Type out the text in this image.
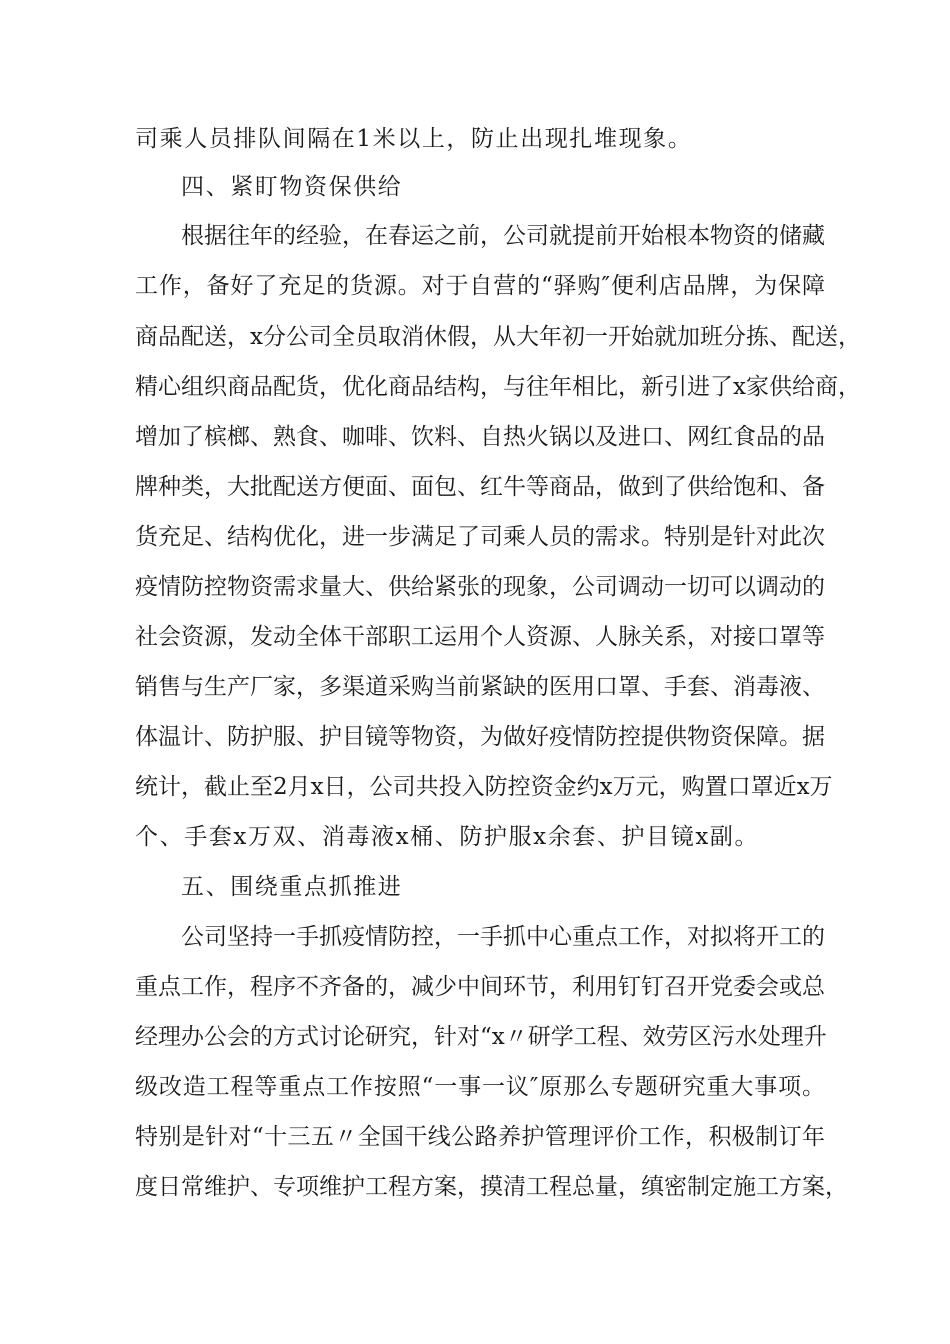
司乘人员排队间隔在1米以上，防止出现扎堆现象。
四、紧盯物资保供给
根据往年的经验，在春运之前，公司就提前开始根本物资的储藏
工作，备好了充足的货源。对于自营的“驿购″便利店品牌，为保障
商品配送，x分公司全员取消休假，从大年初一开始就加班分拣、配送，
精心组织商品配货，优化商品结构，与往年相比，新引进了x家供给商，
增加了槟榔、熟食、咖啡、饮料、自热火锅以及进口、网红食品的品
牌种类，大批配送方便面、面包、红牛等商品，做到了供给饱和、备
货充足、结构优化，进一步满足了司乘人员的需求。特别是针对此次
疫情防控物资需求量大、供给紧张的现象，公司调动一切可以调动的
社会资源，发动全体干部职工运用个人资源、人脉关系，对接口罩等
销售与生产厂家，多渠道采购当前紧缺的医用口罩、手套、消毒液、
体温计、防护服、护目镜等物资，为做好疫情防控提供物资保障。据
统计，截止至2月x日，公司共投入防控资金约x万元，购置口罩近x万
个、手套x万双、消毒液x桶、防护服x余套、护目镜x副。
五、围绕重点抓推进
公司坚持一手抓疫情防控，一手抓中心重点工作，对拟将开工的
重点工作，程序不齐备的，减少中间环节，利用钉钉召开党委会或总
经理办公会的方式讨论研究，针对“x〃研学工程、效劳区污水处理升
级改造工程等重点工作按照“一事一议″原那么专题研究重大事项。
特别是针对“十三五〃全国干线公路养护管理评价工作，积极制订年
度日常维护、专项维护工程方案，摸清工程总量，缜密制定施工方案，
